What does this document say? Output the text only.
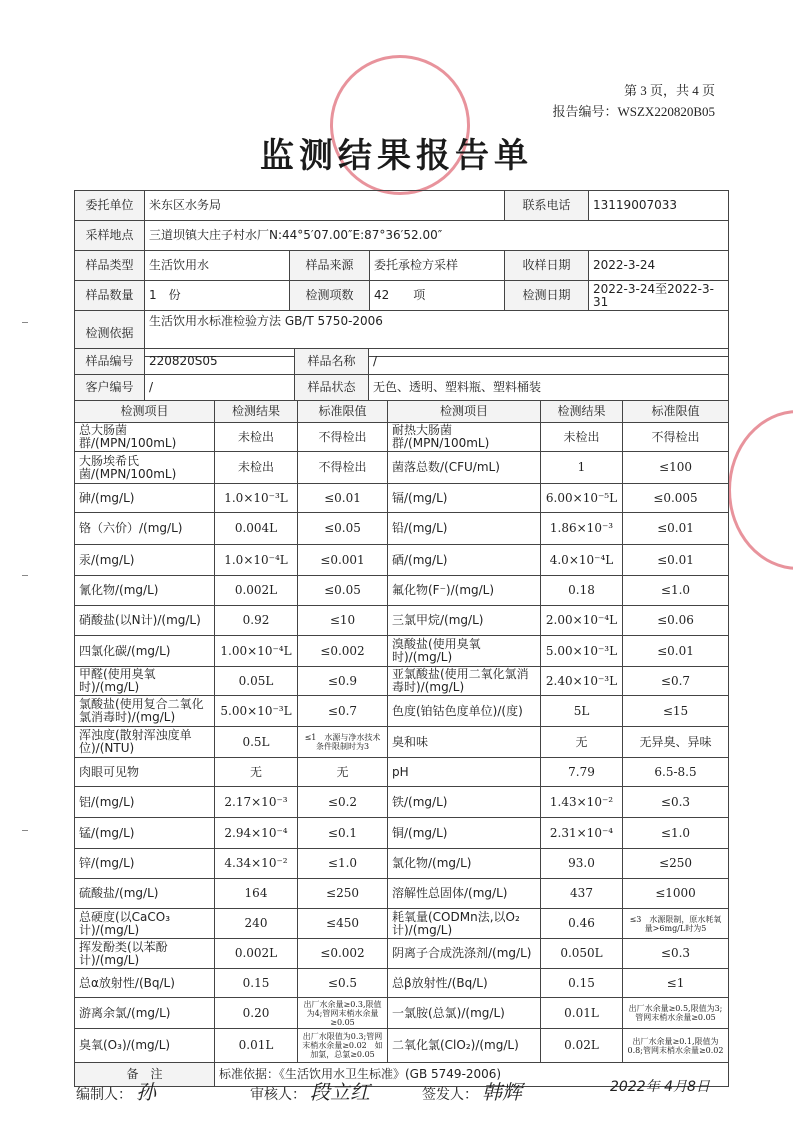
第 3 页，共 4 页
报告编号：WSZX220820B05
监测结果报告单
委托单位	米东区水务局			联系电话	13119007033
采样地点	三道坝镇大庄子村水厂N:44°5′07.00″E:87°36′52.00″				
样品类型	生活饮用水	样品来源	委托承检方采样	收样日期	2022-3-24
样品数量	1　份	检测项数	42　　项	检测日期	2022-3-24至2022-3-31
检测依据	生活饮用水标准检验方法 GB/T 5750-2006				
样品编号	220820S05	样品名称	/
客户编号	/	样品状态	无色、透明、塑料瓶、塑料桶装
检测项目	检测结果	标准限值	检测项目	检测结果	标准限值
总大肠菌群/(MPN/100mL)	未检出	不得检出	耐热大肠菌群/(MPN/100mL)	未检出	不得检出
大肠埃希氏菌/(MPN/100mL)	未检出	不得检出	菌落总数/(CFU/mL)	1	≤100
砷/(mg/L)	1.0×10⁻³L	≤0.01	镉/(mg/L)	6.00×10⁻⁵L	≤0.005
铬（六价）/(mg/L)	0.004L	≤0.05	铅/(mg/L)	1.86×10⁻³	≤0.01
汞/(mg/L)	1.0×10⁻⁴L	≤0.001	硒/(mg/L)	4.0×10⁻⁴L	≤0.01
氰化物/(mg/L)	0.002L	≤0.05	氟化物(F⁻)/(mg/L)	0.18	≤1.0
硝酸盐(以N计)/(mg/L)	0.92	≤10	三氯甲烷/(mg/L)	2.00×10⁻⁴L	≤0.06
四氯化碳/(mg/L)	1.00×10⁻⁴L	≤0.002	溴酸盐(使用臭氧时)/(mg/L)	5.00×10⁻³L	≤0.01
甲醛(使用臭氧时)/(mg/L)	0.05L	≤0.9	亚氯酸盐(使用二氧化氯消毒时)/(mg/L)	2.40×10⁻³L	≤0.7
氯酸盐(使用复合二氧化氯消毒时)/(mg/L)	5.00×10⁻³L	≤0.7	色度(铂钴色度单位)/(度)	5L	≤15
浑浊度(散射浑浊度单位)/(NTU)	0.5L	≤1　水源与净水技术条件限制时为3	臭和味	无	无异臭、异味
肉眼可见物	无	无	pH	7.79	6.5-8.5
铝/(mg/L)	2.17×10⁻³	≤0.2	铁/(mg/L)	1.43×10⁻²	≤0.3
锰/(mg/L)	2.94×10⁻⁴	≤0.1	铜/(mg/L)	2.31×10⁻⁴	≤1.0
锌/(mg/L)	4.34×10⁻²	≤1.0	氯化物/(mg/L)	93.0	≤250
硫酸盐/(mg/L)	164	≤250	溶解性总固体/(mg/L)	437	≤1000
总硬度(以CaCO₃计)/(mg/L)	240	≤450	耗氧量(CODMn法,以O₂计)/(mg/L)	0.46	≤3　水源限制，原水耗氧量>6mg/L时为5
挥发酚类(以苯酚计)/(mg/L)	0.002L	≤0.002	阴离子合成洗涤剂/(mg/L)	0.050L	≤0.3
总α放射性/(Bq/L)	0.15	≤0.5	总β放射性/(Bq/L)	0.15	≤1
游离余氯/(mg/L)	0.20	出厂水余量≥0.3,限值为4;管网末梢水余量≥0.05	一氯胺(总氯)/(mg/L)	0.01L	出厂水余量≥0.5,限值为3;管网末梢水余量≥0.05
臭氧(O₃)/(mg/L)	0.01L	出厂水限值为0.3;管网末梢水余量≥0.02　如加氯，总氯≥0.05	二氧化氯(ClO₂)/(mg/L)	0.02L	出厂水余量≥0.1,限值为0.8;管网末梢水余量≥0.02
备　注	标准依据：《生活饮用水卫生标准》(GB 5749-2006)				
编制人： 孙	审核人： 段立红	签发人： 韩辉	2022年 4月8日
